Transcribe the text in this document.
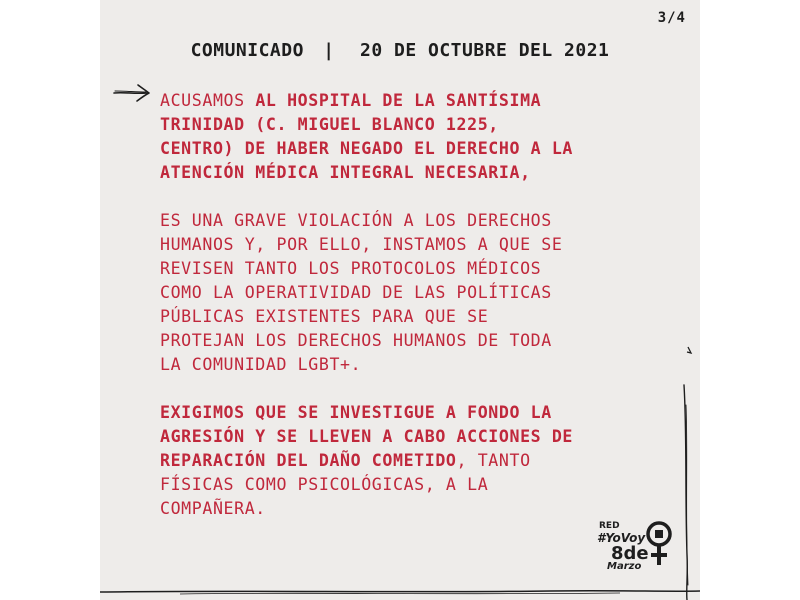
3/4
COMUNICADO | 20 DE OCTUBRE DEL 2021

ACUSAMOS AL HOSPITAL DE LA SANTÍSIMA
TRINIDAD (C. MIGUEL BLANCO 1225,
CENTRO) DE HABER NEGADO EL DERECHO A LA
ATENCIÓN MÉDICA INTEGRAL NECESARIA,

ES UNA GRAVE VIOLACIÓN A LOS DERECHOS
HUMANOS Y, POR ELLO, INSTAMOS A QUE SE
REVISEN TANTO LOS PROTOCOLOS MÉDICOS
COMO LA OPERATIVIDAD DE LAS POLÍTICAS
PÚBLICAS EXISTENTES PARA QUE SE
PROTEJAN LOS DERECHOS HUMANOS DE TODA
LA COMUNIDAD LGBT+.

EXIGIMOS QUE SE INVESTIGUE A FONDO LA
AGRESIÓN Y SE LLEVEN A CABO ACCIONES DE
REPARACIÓN DEL DAÑO COMETIDO, TANTO
FÍSICAS COMO PSICOLÓGICAS, A LA
COMPAÑERA.

RED
#YoVoy
8de
Marzo
